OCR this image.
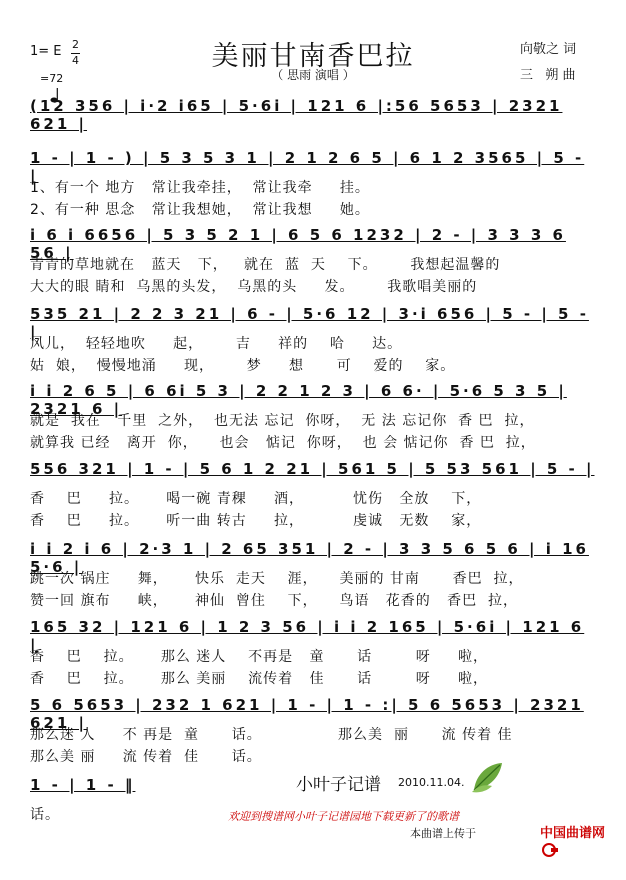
美丽甘南香巴拉
（ 思雨 演唱 ）
向敬之 词
三   朔 曲
1= E 2
4

=72
(12 356 | i·2 i65 | 5·6i | 121 6 |:56 5653 | 2321 621 |
1 - | 1 - ) | 5 3 5 3 1 | 2 1 2 6 5 | 6 1 2 3565 | 5 - |
1、有一个 地方   常让我牵挂，  常让我牵     挂。
2、有一种 思念   常让我想她，  常让我想     她。
i 6 i 6656 | 5 3 5 2 1 | 6 5 6 1232 | 2 - | 3 3 3 6 56 |
青青的草地就在   蓝天   下，   就在  蓝  天    下。      我想起温馨的
大大的眼 睛和  乌黑的头发，  乌黑的头     发。      我歌唱美丽的
535 21 | 2 2 3 21 | 6 - | 5·6 12 | 3·i 656 | 5 - | 5 - |
风儿，  轻轻地吹     起，      吉     祥的    哈     达。
姑  娘，  慢慢地涌     现，      梦     想      可    爱的    家。
i i 2 6 5 | 6 6i 5 3 | 2 2 1 2 3 | 6 6· | 5·6 5 3 5 | 2321 6 |
就是  我在   千里  之外，  也无法 忘记  你呀，  无 法 忘记你  香 巴  拉，
就算我 已经   离开  你，    也会   惦记  你呀，  也 会 惦记你  香 巴  拉，
556 321 | 1 - | 5 6 1 2 21 | 561 5 | 5 53 561 | 5 - |
香    巴     拉。     喝一碗 青稞     酒，         忧伤   全放    下，
香    巴     拉。     听一曲 转古     拉，         虔诚   无数    家，
i i 2 i 6 | 2·3 1 | 2 65 351 | 2 - | 3 3 5 6 5 6 | i 16 5·6 |
跳一次 锅庄     舞，     快乐  走天    涯，    美丽的 甘南      香巴  拉，
赞一回 旗布     峡，     神仙  曾住    下，    鸟语   花香的   香巴  拉，
165 32 | 121 6 | 1 2 3 56 | i i 2 165 | 5·6i | 121 6 |
香    巴    拉。     那么 迷人    不再是   童      话        呀     啦，
香    巴    拉。     那么 美丽    流传着   佳      话        呀     啦，
5 6 5653 | 232 1 621 | 1 - | 1 - :| 5 6 5653 | 2321 621 |
那么迷 人     不 再是  童      话。              那么美  丽      流 传着 佳
那么美 丽     流 传着  佳      话。
1 - | 1 - ‖
话。
小叶子记谱 2010.11.04.
欢迎到搜谱网小叶子记谱园地下载更新了的歌谱
本曲谱上传于

	中国曲谱网
